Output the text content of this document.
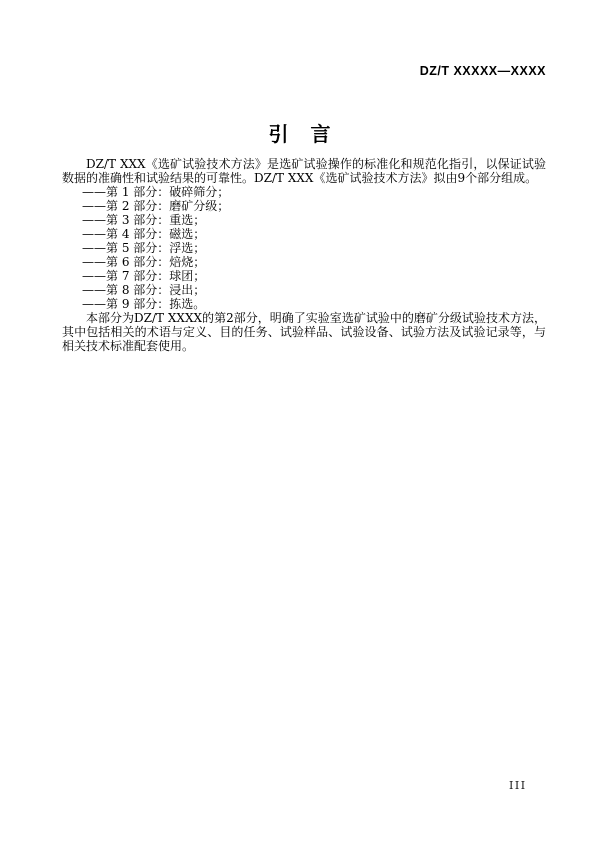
DZ/T XXXXX—XXXX
引　言

DZ/T XXX《选矿试验技术方法》是选矿试验操作的标准化和规范化指引，以保证试验数据的准确性和试验结果的可靠性。DZ/T XXX《选矿试验技术方法》拟由9个部分组成。

——第 1 部分：破碎筛分；
——第 2 部分：磨矿分级；
——第 3 部分：重选；
——第 4 部分：磁选；
——第 5 部分：浮选；
——第 6 部分：焙烧；
——第 7 部分：球团；
——第 8 部分：浸出；
——第 9 部分：拣选。

本部分为DZ/T XXXX的第2部分，明确了实验室选矿试验中的磨矿分级试验技术方法，其中包括相关的术语与定义、目的任务、试验样品、试验设备、试验方法及试验记录等，与相关技术标准配套使用。

III
